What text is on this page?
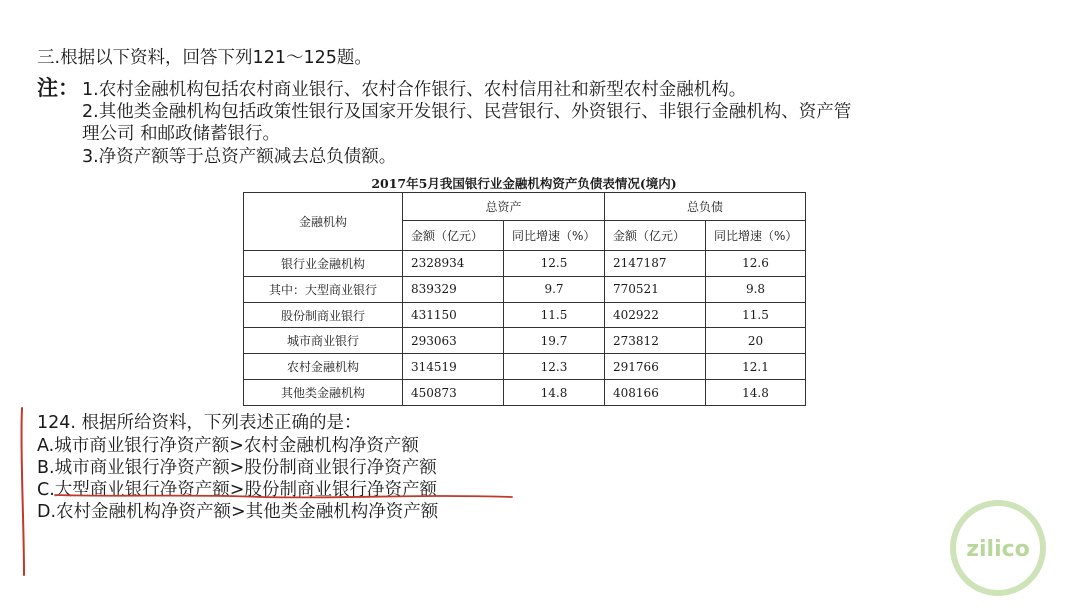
三.根据以下资料，回答下列121～125题。
注： 1.农村金融机构包括农村商业银行、农村合作银行、农村信用社和新型农村金融机构。
2.其他类金融机构包括政策性银行及国家开发银行、民营银行、外资银行、非银行金融机构、资产管
理公司 和邮政储蓄银行。
3.净资产额等于总资产额减去总负债额。
2017年5月我国银行业金融机构资产负债表情况(境内)
金融机构	总资产		总负债	
	金额（亿元）	同比增速（%）	金额（亿元）	同比增速（%）
银行业金融机构	2328934	12.5	2147187	12.6
其中：大型商业银行	839329	9.7	770521	9.8
股份制商业银行	431150	11.5	402922	11.5
城市商业银行	293063	19.7	273812	20
农村金融机构	314519	12.3	291766	12.1
其他类金融机构	450873	14.8	408166	14.8
124. 根据所给资料，下列表述正确的是：
A.城市商业银行净资产额>农村金融机构净资产额
B.城市商业银行净资产额>股份制商业银行净资产额
C.大型商业银行净资产额>股份制商业银行净资产额
D.农村金融机构净资产额>其他类金融机构净资产额
zilico
